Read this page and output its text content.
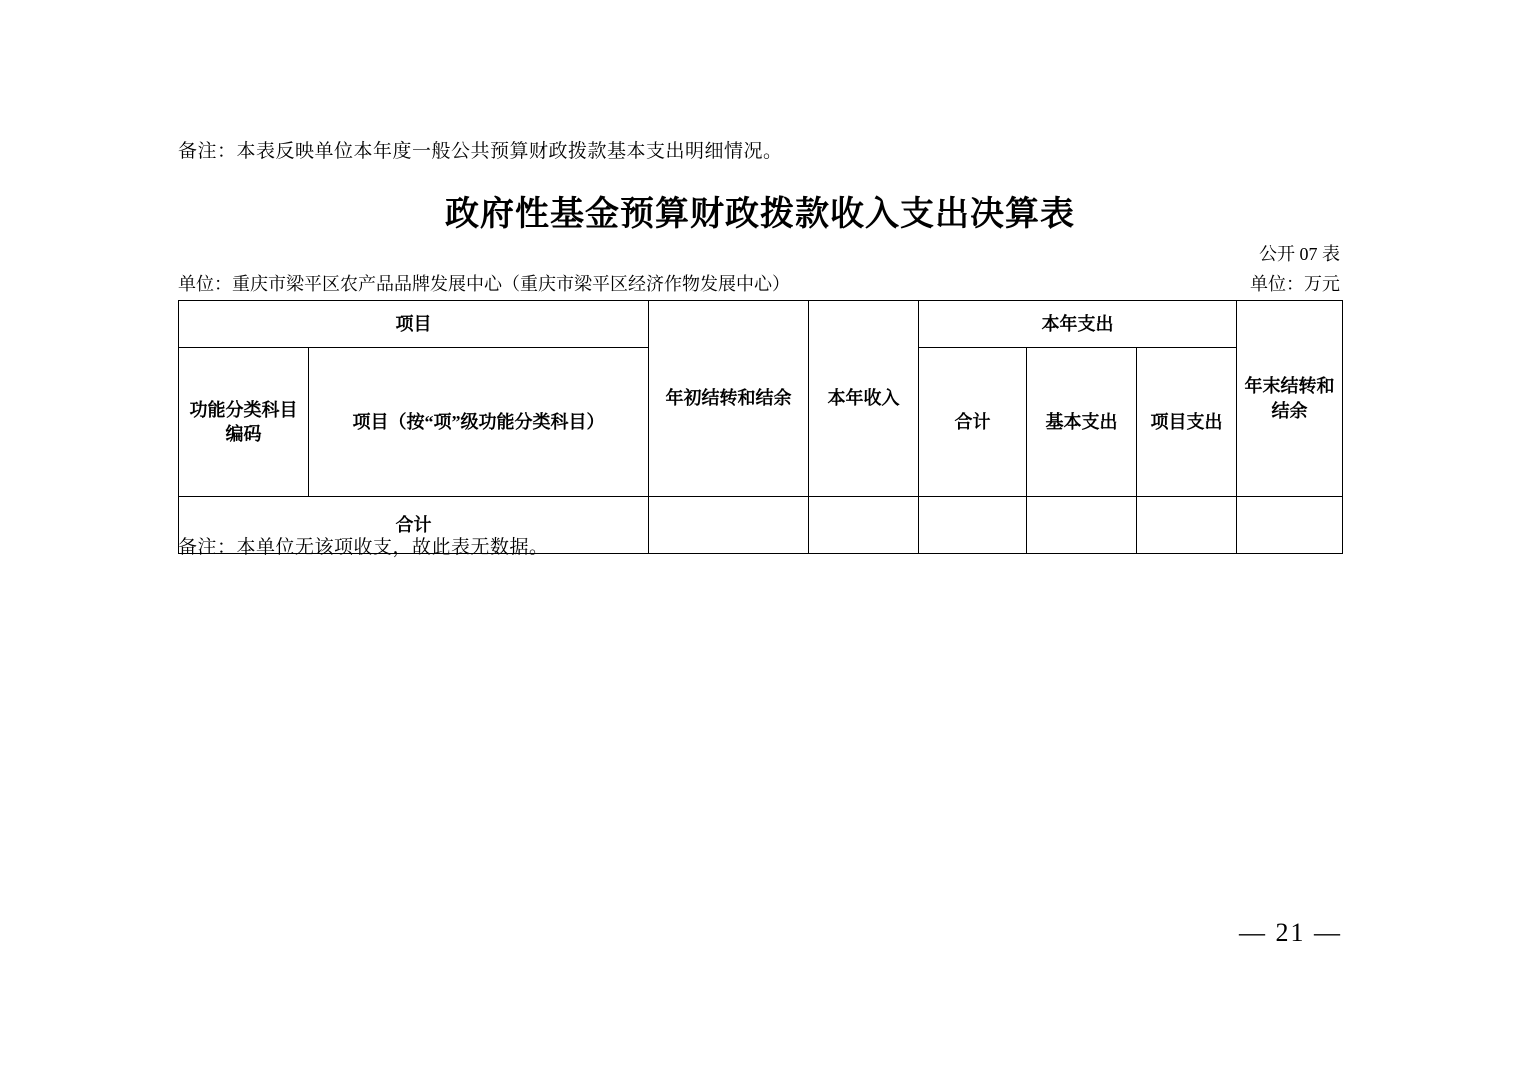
备注：本表反映单位本年度一般公共预算财政拨款基本支出明细情况。
政府性基金预算财政拨款收入支出决算表
公开 07 表
单位：重庆市梁平区农产品品牌发展中心（重庆市梁平区经济作物发展中心）	单位：万元
项目		年初结转和结余	本年收入	本年支出			年末结转和结余
功能分类科目编码	项目（按“项”级功能分类科目）			合计	基本支出	项目支出	
合计							
备注：本单位无该项收支，故此表无数据。
— 21 —
